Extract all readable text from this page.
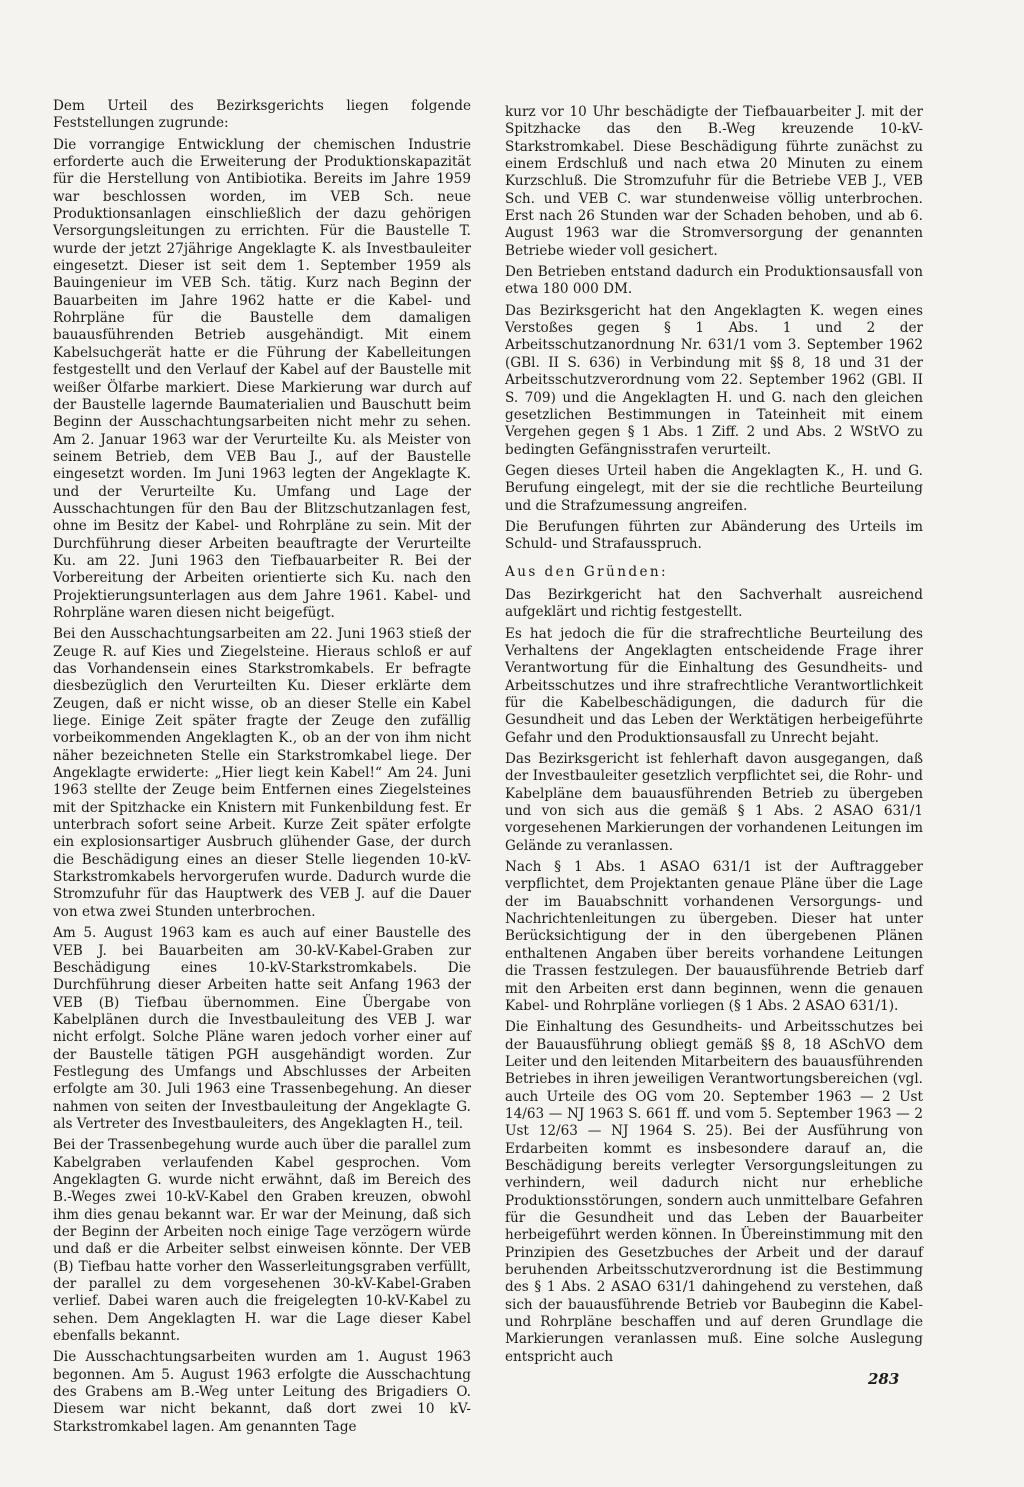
Dem Urteil des Bezirksgerichts liegen folgende Feststellungen zugrunde:

Die vorrangige Entwicklung der chemischen Industrie erforderte auch die Erweiterung der Produktionskapazität für die Herstellung von Antibiotika. Bereits im Jahre 1959 war beschlossen worden, im VEB Sch. neue Produktionsanlagen einschließlich der dazu gehörigen Versorgungsleitungen zu errichten. Für die Baustelle T. wurde der jetzt 27jährige Angeklagte K. als Investbauleiter eingesetzt. Dieser ist seit dem 1. September 1959 als Bauingenieur im VEB Sch. tätig. Kurz nach Beginn der Bauarbeiten im Jahre 1962 hatte er die Kabel- und Rohrpläne für die Baustelle dem damaligen bauausführenden Betrieb ausgehändigt. Mit einem Kabelsuchgerät hatte er die Führung der Kabelleitungen festgestellt und den Verlauf der Kabel auf der Baustelle mit weißer Ölfarbe markiert. Diese Markierung war durch auf der Baustelle lagernde Baumaterialien und Bauschutt beim Beginn der Ausschachtungsarbeiten nicht mehr zu sehen. Am 2. Januar 1963 war der Verurteilte Ku. als Meister von seinem Betrieb, dem VEB Bau J., auf der Baustelle eingesetzt worden. Im Juni 1963 legten der Angeklagte K. und der Verurteilte Ku. Umfang und Lage der Ausschachtungen für den Bau der Blitzschutzanlagen fest, ohne im Besitz der Kabel- und Rohrpläne zu sein. Mit der Durchführung dieser Arbeiten beauftragte der Verurteilte Ku. am 22. Juni 1963 den Tiefbauarbeiter R. Bei der Vorbereitung der Arbeiten orientierte sich Ku. nach den Projektierungsunterlagen aus dem Jahre 1961. Kabel- und Rohrpläne waren diesen nicht beigefügt.

Bei den Ausschachtungsarbeiten am 22. Juni 1963 stieß der Zeuge R. auf Kies und Ziegelsteine. Hieraus schloß er auf das Vorhandensein eines Starkstromkabels. Er befragte diesbezüglich den Verurteilten Ku. Dieser erklärte dem Zeugen, daß er nicht wisse, ob an dieser Stelle ein Kabel liege. Einige Zeit später fragte der Zeuge den zufällig vorbeikommenden Angeklagten K., ob an der von ihm nicht näher bezeichneten Stelle ein Starkstromkabel liege. Der Angeklagte erwiderte: „Hier liegt kein Kabel!“ Am 24. Juni 1963 stellte der Zeuge beim Entfernen eines Ziegelsteines mit der Spitzhacke ein Knistern mit Funkenbildung fest. Er unterbrach sofort seine Arbeit. Kurze Zeit später erfolgte ein explosionsartiger Ausbruch glühender Gase, der durch die Beschädigung eines an dieser Stelle liegenden 10-kV-Starkstromkabels hervorgerufen wurde. Dadurch wurde die Stromzufuhr für das Hauptwerk des VEB J. auf die Dauer von etwa zwei Stunden unterbrochen.

Am 5. August 1963 kam es auch auf einer Baustelle des VEB J. bei Bauarbeiten am 30-kV-Kabel-Graben zur Beschädigung eines 10-kV-Starkstromkabels. Die Durchführung dieser Arbeiten hatte seit Anfang 1963 der VEB (B) Tiefbau übernommen. Eine Übergabe von Kabelplänen durch die Investbauleitung des VEB J. war nicht erfolgt. Solche Pläne waren jedoch vorher einer auf der Baustelle tätigen PGH ausgehändigt worden. Zur Festlegung des Umfangs und Abschlusses der Arbeiten erfolgte am 30. Juli 1963 eine Trassenbegehung. An dieser nahmen von seiten der Investbauleitung der Angeklagte G. als Vertreter des Investbauleiters, des Angeklagten H., teil.

Bei der Trassenbegehung wurde auch über die parallel zum Kabelgraben verlaufenden Kabel gesprochen. Vom Angeklagten G. wurde nicht erwähnt, daß im Bereich des B.-Weges zwei 10-kV-Kabel den Graben kreuzen, obwohl ihm dies genau bekannt war. Er war der Meinung, daß sich der Beginn der Arbeiten noch einige Tage verzögern würde und daß er die Arbeiter selbst einweisen könnte. Der VEB (B) Tiefbau hatte vorher den Wasserleitungsgraben verfüllt, der parallel zu dem vorgesehenen 30-kV-Kabel-Graben verlief. Dabei waren auch die freigelegten 10-kV-Kabel zu sehen. Dem Angeklagten H. war die Lage dieser Kabel ebenfalls bekannt.

Die Ausschachtungsarbeiten wurden am 1. August 1963 begonnen. Am 5. August 1963 erfolgte die Ausschachtung des Grabens am B.-Weg unter Leitung des Brigadiers O. Diesem war nicht bekannt, daß dort zwei 10 kV-Starkstromkabel lagen. Am genannten Tage

kurz vor 10 Uhr beschädigte der Tiefbauarbeiter J. mit der Spitzhacke das den B.-Weg kreuzende 10-kV-Starkstromkabel. Diese Beschädigung führte zunächst zu einem Erdschluß und nach etwa 20 Minuten zu einem Kurzschluß. Die Stromzufuhr für die Betriebe VEB J., VEB Sch. und VEB C. war stundenweise völlig unterbrochen. Erst nach 26 Stunden war der Schaden behoben, und ab 6. August 1963 war die Stromversorgung der genannten Betriebe wieder voll gesichert.

Den Betrieben entstand dadurch ein Produktionsausfall von etwa 180 000 DM.

Das Bezirksgericht hat den Angeklagten K. wegen eines Verstoßes gegen § 1 Abs. 1 und 2 der Arbeitsschutzanordnung Nr. 631/1 vom 3. September 1962 (GBl. II S. 636) in Verbindung mit §§ 8, 18 und 31 der Arbeitsschutzverordnung vom 22. September 1962 (GBl. II S. 709) und die Angeklagten H. und G. nach den gleichen gesetzlichen Bestimmungen in Tateinheit mit einem Vergehen gegen § 1 Abs. 1 Ziff. 2 und Abs. 2 WStVO zu bedingten Gefängnisstrafen verurteilt.

Gegen dieses Urteil haben die Angeklagten K., H. und G. Berufung eingelegt, mit der sie die rechtliche Beurteilung und die Strafzumessung angreifen.

Die Berufungen führten zur Abänderung des Urteils im Schuld- und Strafausspruch.

Aus den Gründen:

Das Bezirkgericht hat den Sachverhalt ausreichend aufgeklärt und richtig festgestellt.

Es hat jedoch die für die strafrechtliche Beurteilung des Verhaltens der Angeklagten entscheidende Frage ihrer Verantwortung für die Einhaltung des Gesundheits- und Arbeitsschutzes und ihre strafrechtliche Verantwortlichkeit für die Kabelbeschädigungen, die dadurch für die Gesundheit und das Leben der Werktätigen herbeigeführte Gefahr und den Produktionsausfall zu Unrecht bejaht.

Das Bezirksgericht ist fehlerhaft davon ausgegangen, daß der Investbauleiter gesetzlich verpflichtet sei, die Rohr- und Kabelpläne dem bauausführenden Betrieb zu übergeben und von sich aus die gemäß § 1 Abs. 2 ASAO 631/1 vorgesehenen Markierungen der vorhandenen Leitungen im Gelände zu veranlassen.

Nach § 1 Abs. 1 ASAO 631/1 ist der Auftraggeber verpflichtet, dem Projektanten genaue Pläne über die Lage der im Bauabschnitt vorhandenen Versorgungs- und Nachrichtenleitungen zu übergeben. Dieser hat unter Berücksichtigung der in den übergebenen Plänen enthaltenen Angaben über bereits vorhandene Leitungen die Trassen festzulegen. Der bauausführende Betrieb darf mit den Arbeiten erst dann beginnen, wenn die genauen Kabel- und Rohrpläne vorliegen (§ 1 Abs. 2 ASAO 631/1).

Die Einhaltung des Gesundheits- und Arbeitsschutzes bei der Bauausführung obliegt gemäß §§ 8, 18 ASchVO dem Leiter und den leitenden Mitarbeitern des bauausführenden Betriebes in ihren jeweiligen Verantwortungsbereichen (vgl. auch Urteile des OG vom 20. September 1963 — 2 Ust 14/63 — NJ 1963 S. 661 ff. und vom 5. September 1963 — 2 Ust 12/63 — NJ 1964 S. 25). Bei der Ausführung von Erdarbeiten kommt es insbesondere darauf an, die Beschädigung bereits verlegter Versorgungsleitungen zu verhindern, weil dadurch nicht nur erhebliche Produktionsstörungen, sondern auch unmittelbare Gefahren für die Gesundheit und das Leben der Bauarbeiter herbeigeführt werden können. In Übereinstimmung mit den Prinzipien des Gesetzbuches der Arbeit und der darauf beruhenden Arbeitsschutzverordnung ist die Bestimmung des § 1 Abs. 2 ASAO 631/1 dahingehend zu verstehen, daß sich der bauausführende Betrieb vor Baubeginn die Kabel- und Rohrpläne beschaffen und auf deren Grundlage die Markierungen veranlassen muß. Eine solche Auslegung entspricht auch

283
